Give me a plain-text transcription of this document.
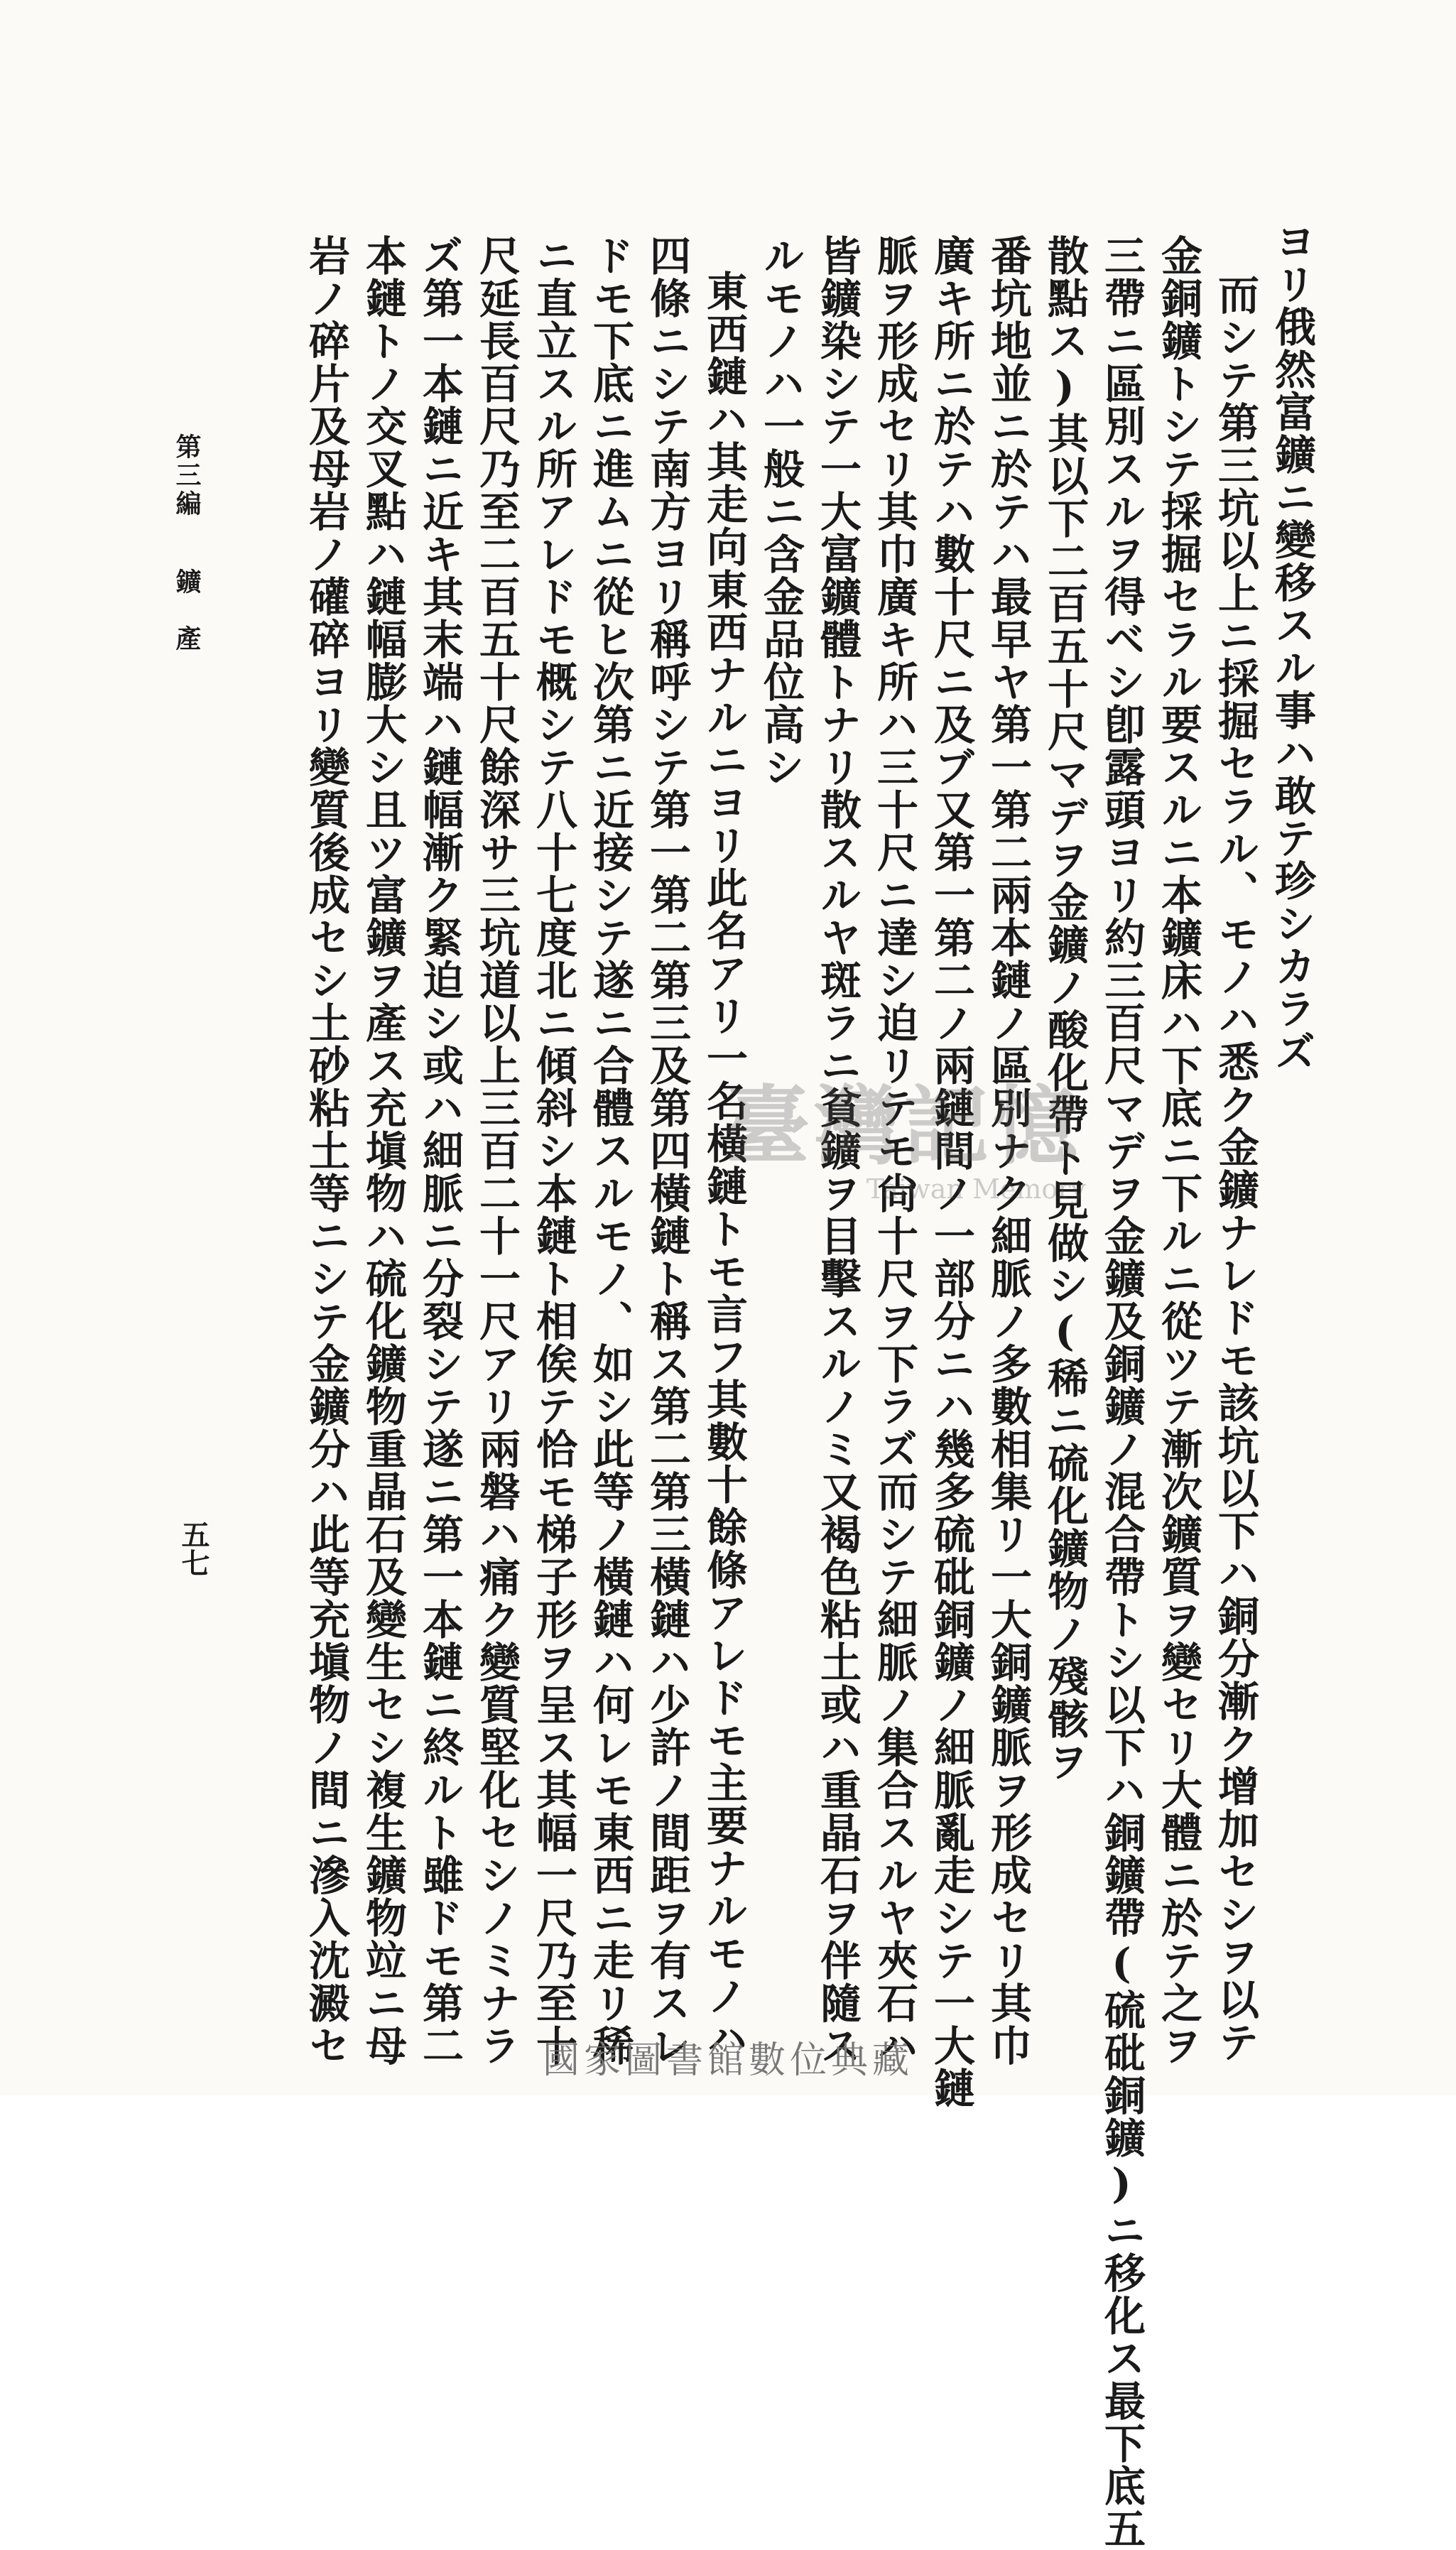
ヨリ俄然富鑛ニ變移スル事ハ敢テ珍シカラズ
而シテ第三坑以上ニ採掘セラル、モノハ悉ク金鑛ナレドモ該坑以下ハ銅分漸ク增加セシヲ以テ
金銅鑛トシテ採掘セラル要スルニ本鑛床ハ下底ニ下ルニ從ツテ漸次鑛質ヲ變セリ大體ニ於テ之ヲ
三帶ニ區別スルヲ得ベシ卽露頭ヨリ約三百尺マデヲ金鑛及銅鑛ノ混合帶トシ以下ハ銅鑛帶(硫砒銅鑛)ニ移化ス最下底五
散點ス)其以下二百五十尺マデヲ金鑛ノ酸化帶ト見做シ(稀ニ硫化鑛物ノ殘骸ヲ
番坑地並ニ於テハ最早ヤ第一第二兩本鏈ノ區別ナク細脈ノ多數相集リ一大銅鑛脈ヲ形成セリ其巾
廣キ所ニ於テハ數十尺ニ及ブ又第一第二ノ兩鏈間ノ一部分ニハ幾多硫砒銅鑛ノ細脈亂走シテ一大鏈
脈ヲ形成セリ其巾廣キ所ハ三十尺ニ達シ迫リテモ尙十尺ヲ下ラズ而シテ細脈ノ集合スルヤ夾石ハ
皆鑛染シテ一大富鑛體トナリ散スルヤ斑ラニ貧鑛ヲ目擊スルノミ又褐色粘土或ハ重晶石ヲ伴隨ス
ルモノハ一般ニ含金品位高シ
東西鏈ハ其走向東西ナルニヨリ此名アリ一名橫鏈トモ言フ其數十餘條アレドモ主要ナルモノハ
四條ニシテ南方ヨリ稱呼シテ第一第二第三及第四橫鏈ト稱ス第二第三橫鏈ハ少許ノ間距ヲ有スレ
ドモ下底ニ進ムニ從ヒ次第ニ近接シテ遂ニ合體スルモノ、如シ此等ノ橫鏈ハ何レモ東西ニ走リ稀
ニ直立スル所アレドモ概シテ八十七度北ニ傾斜シ本鏈ト相俟テ恰モ梯子形ヲ呈ス其幅一尺乃至十
尺延長百尺乃至二百五十尺餘深サ三坑道以上三百二十一尺アリ兩磐ハ痛ク變質堅化セシノミナラ
ズ第一本鏈ニ近キ其末端ハ鏈幅漸ク緊迫シ或ハ細脈ニ分裂シテ遂ニ第一本鏈ニ終ルト雖ドモ第二
本鏈トノ交叉點ハ鏈幅膨大シ且ツ富鑛ヲ產ス充塡物ハ硫化鑛物重晶石及變生セシ複生鑛物竝ニ母
岩ノ碎片及母岩ノ礶碎ヨリ變質後成セシ土砂粘土等ニシテ金鑛分ハ此等充塡物ノ間ニ滲入沈澱セ
第三編
鑛　產
五七
臺灣記憶
Taiwan Memory
國家圖書館數位典藏
